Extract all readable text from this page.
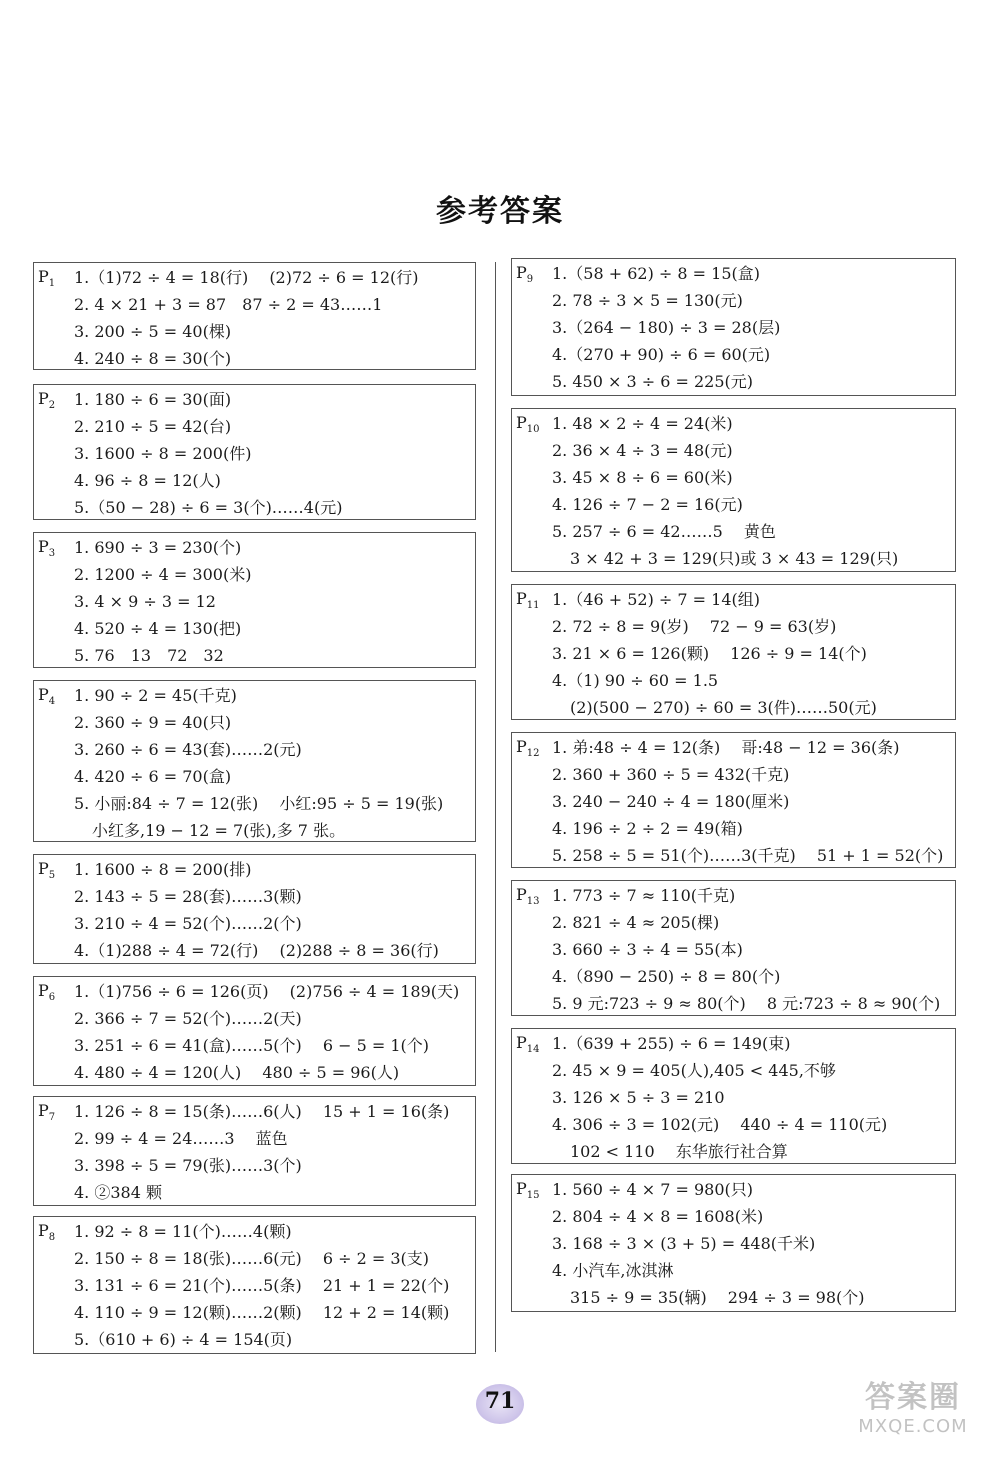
参考答案
$P_1$ 1.（1)72 ÷ 4 = 18(行)　 (2)72 ÷ 6 = 12(行)
2. 4 × 21 + 3 = 87　87 ÷ 2 = 43……1
3. 200 ÷ 5 = 40(棵)
4. 240 ÷ 8 = 30(个)
$P_2$ 1. 180 ÷ 6 = 30(面)
2. 210 ÷ 5 = 42(台)
3. 1600 ÷ 8 = 200(件)
4. 96 ÷ 8 = 12(人)
5.（50 − 28) ÷ 6 = 3(个)……4(元)
$P_3$ 1. 690 ÷ 3 = 230(个)
2. 1200 ÷ 4 = 300(米)
3. 4 × 9 ÷ 3 = 12
4. 520 ÷ 4 = 130(把)
5. 76　13　72　32
$P_4$ 1. 90 ÷ 2 = 45(千克)
2. 360 ÷ 9 = 40(只)
3. 260 ÷ 6 = 43(套)……2(元)
4. 420 ÷ 6 = 70(盒)
5. 小丽:84 ÷ 7 = 12(张)　 小红:95 ÷ 5 = 19(张)
小红多,19 − 12 = 7(张),多 7 张。
$P_5$ 1. 1600 ÷ 8 = 200(排)
2. 143 ÷ 5 = 28(套)……3(颗)
3. 210 ÷ 4 = 52(个)……2(个)
4.（1)288 ÷ 4 = 72(行)　 (2)288 ÷ 8 = 36(行)
$P_6$ 1.（1)756 ÷ 6 = 126(页)　 (2)756 ÷ 4 = 189(天)
2. 366 ÷ 7 = 52(个)……2(天)
3. 251 ÷ 6 = 41(盒)……5(个)　 6 − 5 = 1(个)
4. 480 ÷ 4 = 120(人)　 480 ÷ 5 = 96(人)
$P_7$ 1. 126 ÷ 8 = 15(条)……6(人)　 15 + 1 = 16(条)
2. 99 ÷ 4 = 24……3　 蓝色
3. 398 ÷ 5 = 79(张)……3(个)
4. ②384 颗
$P_8$ 1. 92 ÷ 8 = 11(个)……4(颗)
2. 150 ÷ 8 = 18(张)……6(元)　 6 ÷ 2 = 3(支)
3. 131 ÷ 6 = 21(个)……5(条)　 21 + 1 = 22(个)
4. 110 ÷ 9 = 12(颗)……2(颗)　 12 + 2 = 14(颗)
5.（610 + 6) ÷ 4 = 154(页)
$P_9$ 1.（58 + 62) ÷ 8 = 15(盒)
2. 78 ÷ 3 × 5 = 130(元)
3.（264 − 180) ÷ 3 = 28(层)
4.（270 + 90) ÷ 6 = 60(元)
5. 450 × 3 ÷ 6 = 225(元)
$P_{10}$ 1. 48 × 2 ÷ 4 = 24(米)
2. 36 × 4 ÷ 3 = 48(元)
3. 45 × 8 ÷ 6 = 60(米)
4. 126 ÷ 7 − 2 = 16(元)
5. 257 ÷ 6 = 42……5　 黄色
3 × 42 + 3 = 129(只)或 3 × 43 = 129(只)
$P_{11}$ 1.（46 + 52) ÷ 7 = 14(组)
2. 72 ÷ 8 = 9(岁)　 72 − 9 = 63(岁)
3. 21 × 6 = 126(颗)　 126 ÷ 9 = 14(个)
4.（1) 90 ÷ 60 = 1.5
(2)(500 − 270) ÷ 60 = 3(件)……50(元)
$P_{12}$ 1. 弟:48 ÷ 4 = 12(条)　 哥:48 − 12 = 36(条)
2. 360 + 360 ÷ 5 = 432(千克)
3. 240 − 240 ÷ 4 = 180(厘米)
4. 196 ÷ 2 ÷ 2 = 49(箱)
5. 258 ÷ 5 = 51(个)……3(千克)　 51 + 1 = 52(个)
$P_{13}$ 1. 773 ÷ 7 ≈ 110(千克)
2. 821 ÷ 4 ≈ 205(棵)
3. 660 ÷ 3 ÷ 4 = 55(本)
4.（890 − 250) ÷ 8 = 80(个)
5. 9 元:723 ÷ 9 ≈ 80(个)　 8 元:723 ÷ 8 ≈ 90(个)
$P_{14}$ 1.（639 + 255) ÷ 6 = 149(束)
2. 45 × 9 = 405(人),405 < 445,不够
3. 126 × 5 ÷ 3 = 210
4. 306 ÷ 3 = 102(元)　 440 ÷ 4 = 110(元)
102 < 110　 东华旅行社合算
$P_{15}$ 1. 560 ÷ 4 × 7 = 980(只)
2. 804 ÷ 4 × 8 = 1608(米)
3. 168 ÷ 3 × (3 + 5) = 448(千米)
4. 小汽车,冰淇淋
315 ÷ 9 = 35(辆)　 294 ÷ 3 = 98(个)
71	答案圈
MXQE.COM
